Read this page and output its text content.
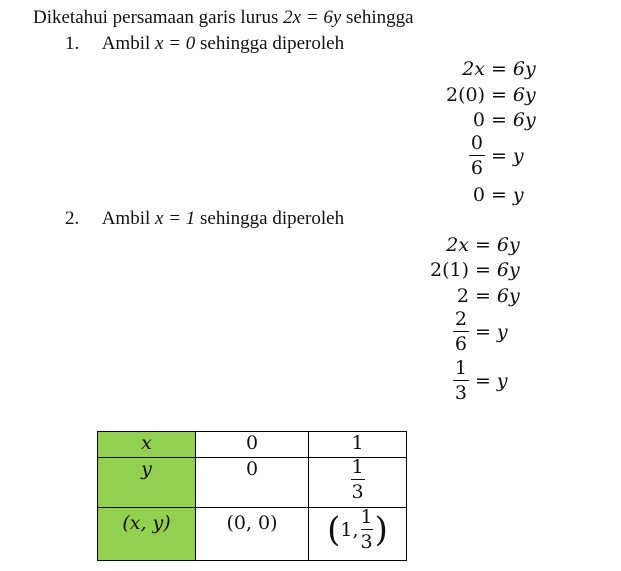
Diketahui persamaan garis lurus 2x = 6y sehingga
1. Ambil x = 0 sehingga diperoleh
2x = 6y
2(0) = 6y
0 = 6y
$\frac{0}{6} = y$
0 = y
2. Ambil x = 1 sehingga diperoleh
2x = 6y
2(1) = 6y
2 = 6y
$\frac{2}{6} = y$
$\frac{1}{3} = y$
x	0	1
y	0	$\frac{1}{3}$

(x, y)	(0, 0)	( 1, $\frac{1}{3}$ )
